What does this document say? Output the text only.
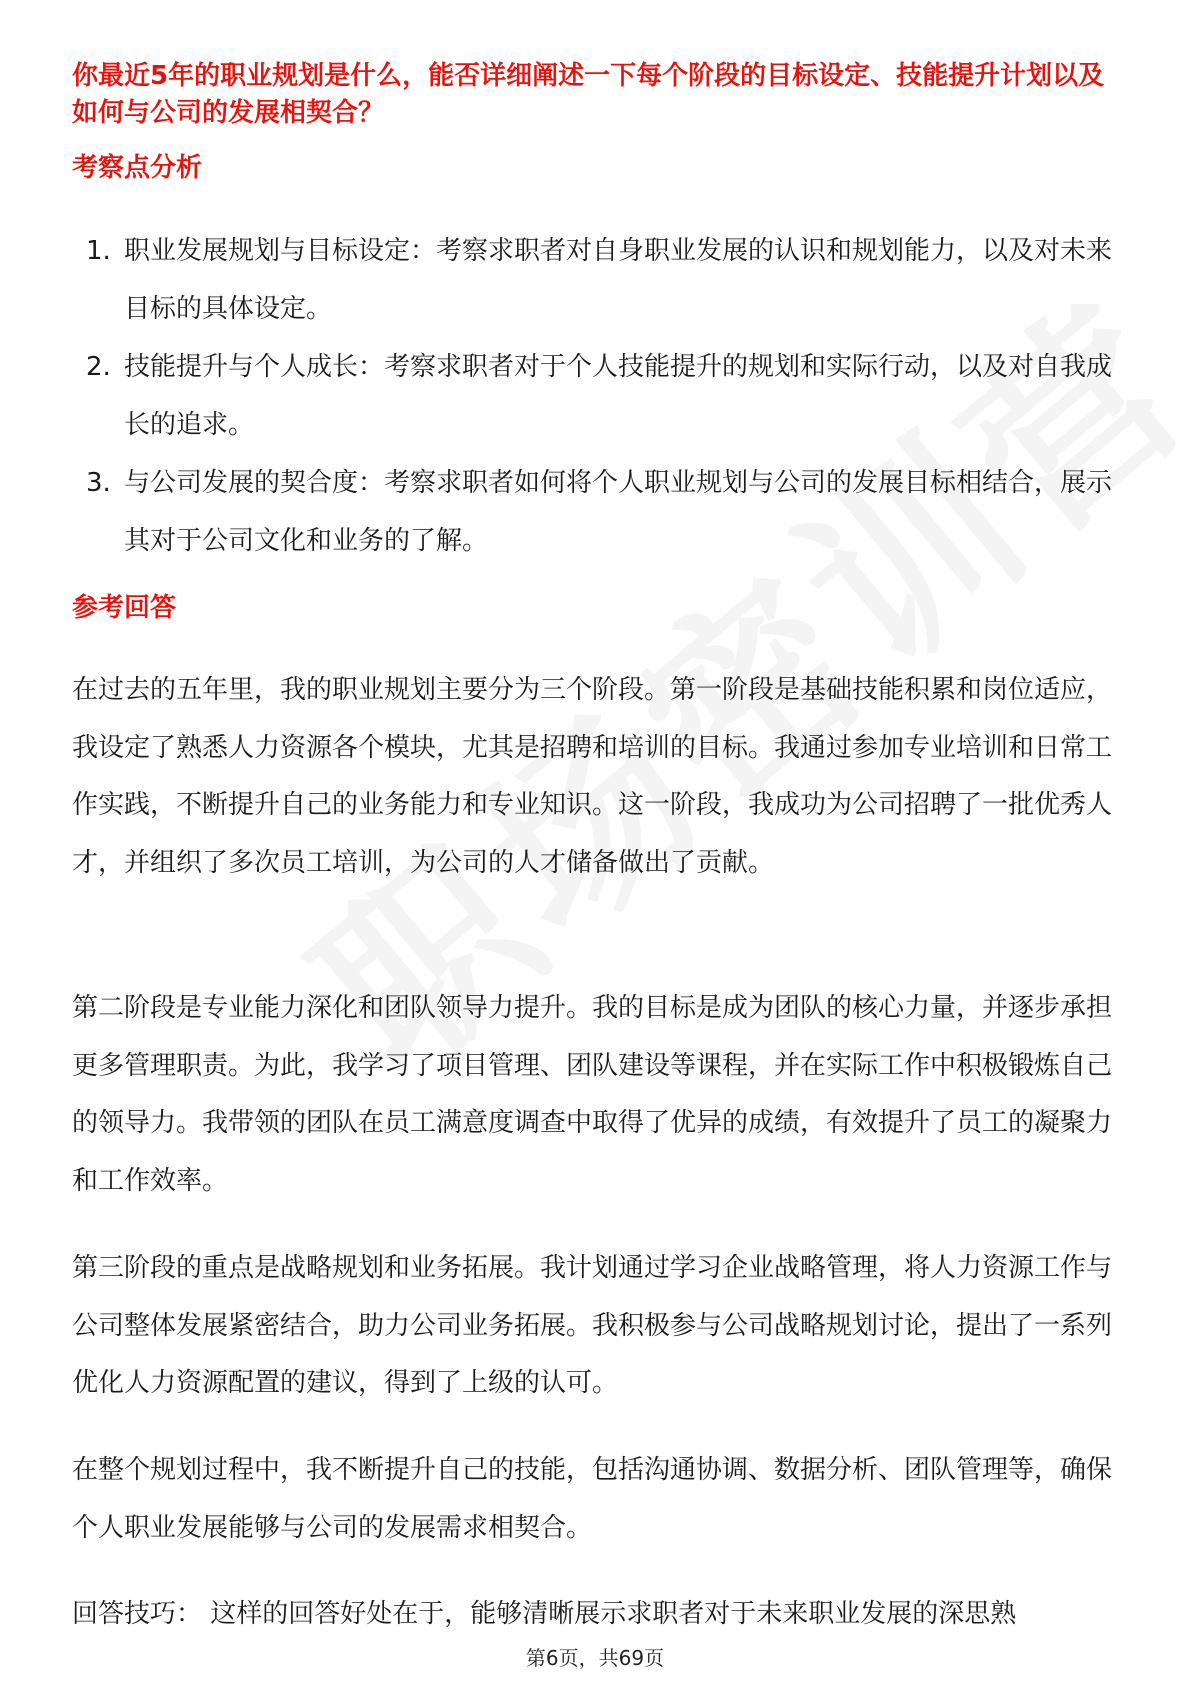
你最近5年的职业规划是什么，能否详细阐述一下每个阶段的目标设定、技能提升计划以及如何与公司的发展相契合？

考察点分析

1. 职业发展规划与目标设定：考察求职者对自身职业发展的认识和规划能力，以及对未来目标的具体设定。
2. 技能提升与个人成长：考察求职者对于个人技能提升的规划和实际行动，以及对自我成长的追求。
3. 与公司发展的契合度：考察求职者如何将个人职业规划与公司的发展目标相结合，展示其对于公司文化和业务的了解。

参考回答

在过去的五年里，我的职业规划主要分为三个阶段。第一阶段是基础技能积累和岗位适应，我设定了熟悉人力资源各个模块，尤其是招聘和培训的目标。我通过参加专业培训和日常工作实践，不断提升自己的业务能力和专业知识。这一阶段，我成功为公司招聘了一批优秀人才，并组织了多次员工培训，为公司的人才储备做出了贡献。

第二阶段是专业能力深化和团队领导力提升。我的目标是成为团队的核心力量，并逐步承担更多管理职责。为此，我学习了项目管理、团队建设等课程，并在实际工作中积极锻炼自己的领导力。我带领的团队在员工满意度调查中取得了优异的成绩，有效提升了员工的凝聚力和工作效率。

第三阶段的重点是战略规划和业务拓展。我计划通过学习企业战略管理，将人力资源工作与公司整体发展紧密结合，助力公司业务拓展。我积极参与公司战略规划讨论，提出了一系列优化人力资源配置的建议，得到了上级的认可。

在整个规划过程中，我不断提升自己的技能，包括沟通协调、数据分析、团队管理等，确保个人职业发展能够与公司的发展需求相契合。

回答技巧： 这样的回答好处在于，能够清晰展示求职者对于未来职业发展的深思熟

第6页，共69页
